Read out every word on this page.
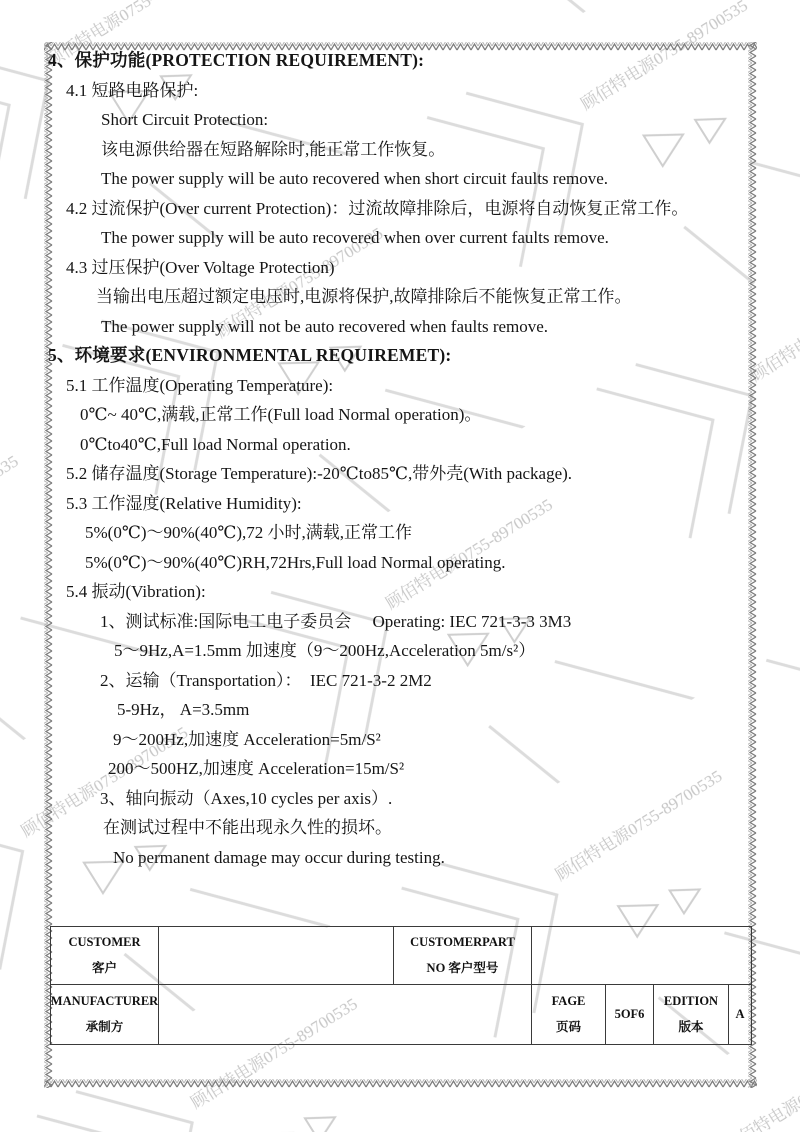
4、保护功能(PROTECTION REQUIREMENT):
4.1 短路电路保护:
Short Circuit Protection:
该电源供给器在短路解除时,能正常工作恢复。
The power supply will be auto recovered when short circuit faults remove.
4.2 过流保护(Over current Protection)：过流故障排除后，电源将自动恢复正常工作。
The power supply will be auto recovered when over current faults remove.
4.3 过压保护(Over Voltage Protection)
当输出电压超过额定电压时,电源将保护,故障排除后不能恢复正常工作。
The power supply will not be auto recovered when faults remove.
5、环境要求(ENVIRONMENTAL REQUIREMET):
5.1 工作温度(Operating Temperature):
0℃~ 40℃,满载,正常工作(Full load Normal operation)。
0℃to40℃,Full load Normal operation.
5.2 储存温度(Storage Temperature):-20℃to85℃,带外壳(With package).
5.3 工作湿度(Relative Humidity):
5%(0℃)～90%(40℃),72 小时,满载,正常工作
5%(0℃)～90%(40℃)RH,72Hrs,Full load Normal operating.
5.4 振动(Vibration):
1、测试标准:国际电工电子委员会　 Operating: IEC 721-3-3 3M3
5～9Hz,A=1.5mm 加速度（9～200Hz,Acceleration 5m/s²）
2、运输（Transportation）：　IEC 721-3-2 2M2
5-9Hz， A=3.5mm
9～200Hz,加速度 Acceleration=5m/S²
200～500HZ,加速度 Acceleration=15m/S²
3、轴向振动（Axes,10 cycles per axis）.
在测试过程中不能出现永久性的损坏。
No permanent damage may occur during testing.
CUSTOMER
客户
CUSTOMERPART
NO 客户型号
MANUFACTURER
承制方
FAGE
页码
5OF6
EDITION
版本
A
